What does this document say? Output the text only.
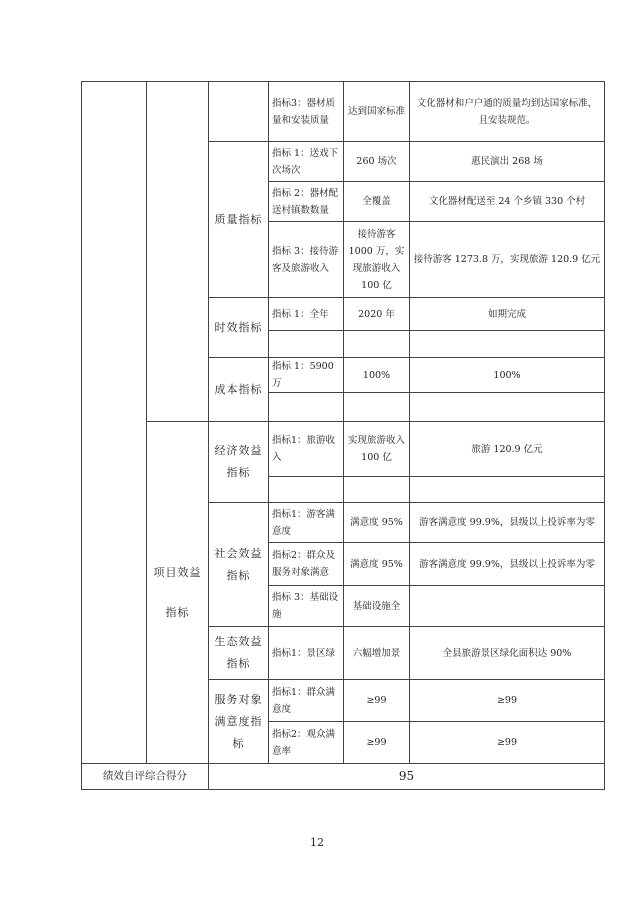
			指标3：器材质量和安装质量	达到国家标准	文化器材和户户通的质量均到达国家标准，且安装规范。
		质量指标	指标 1：送戏下次场次	260 场次	惠民演出 268 场
			指标 2：器材配送村镇数数量	全覆盖	文化器材配送至 24 个乡镇 330 个村
			指标 3：接待游客及旅游收入	接待游客 1000 万，实现旅游收入 100 亿	接待游客 1273.8 万，实现旅游 120.9 亿元
		时效指标	指标 1：全年	2020 年	如期完成

		成本指标	指标 1：5900 万	100%	100%

	项目效益指标	经济效益指标	指标1：旅游收入	实现旅游收入 100 亿	旅游 120.9 亿元

		社会效益指标	指标1：游客满意度	满意度 95%	游客满意度 99.9%，县级以上投诉率为零
			指标2：群众及服务对象满意	满意度 95%	游客满意度 99.9%，县级以上投诉率为零
			指标 3：基础设施	基础设施全	
		生态效益指标	指标1：景区绿	六幅增加景	全县旅游景区绿化面积达 90%
		服务对象满意度指标	指标1：群众满意度	≥99	≥99
			指标2：观众满意率	≥99	≥99
绩效自评综合得分		95			
12
